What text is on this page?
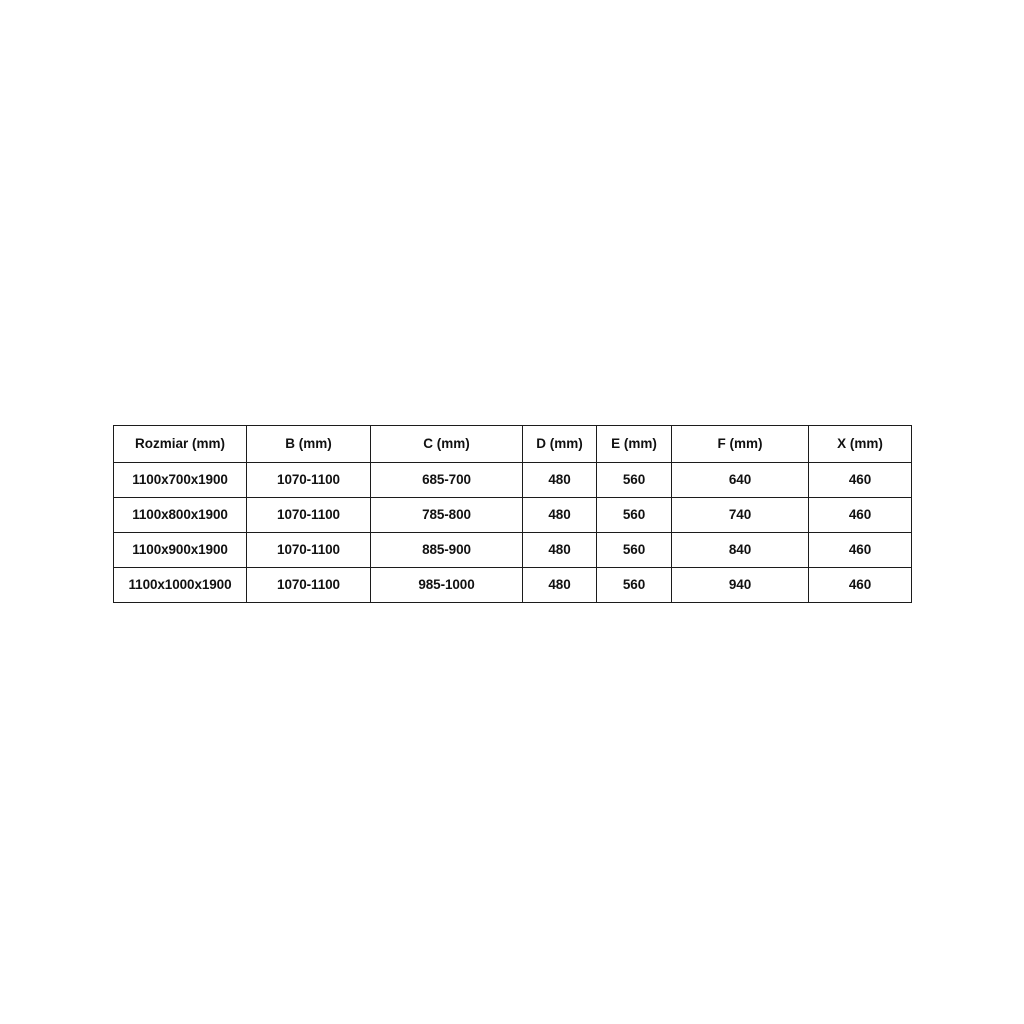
Rozmiar (mm)	B (mm)	C (mm)	D (mm)	E (mm)	F (mm)	X (mm)
1100x700x1900	1070-1100	685-700	480	560	640	460
1100x800x1900	1070-1100	785-800	480	560	740	460
1100x900x1900	1070-1100	885-900	480	560	840	460
1100x1000x1900	1070-1100	985-1000	480	560	940	460
